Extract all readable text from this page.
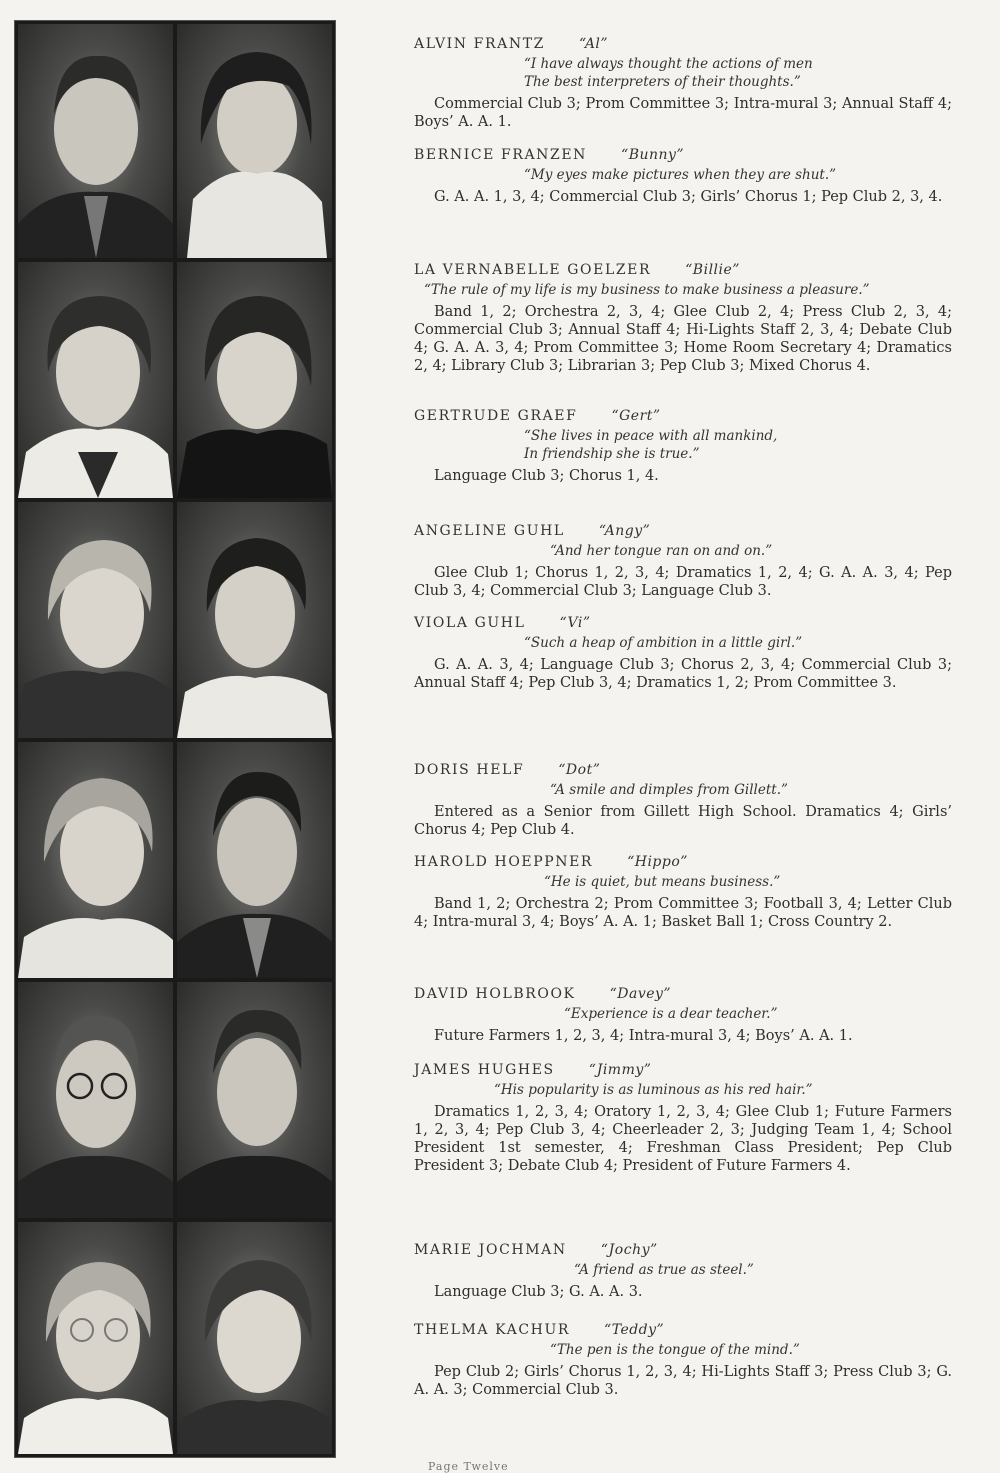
ALVIN FRANTZ “Al”
“I have always thought the actions of men
The best interpreters of their thoughts.”
Commercial Club 3; Prom Committee 3; Intra-mural 3; Annual Staff 4; Boys’ A. A. 1.
BERNICE FRANZEN “Bunny”
“My eyes make pictures when they are shut.”
G. A. A. 1, 3, 4; Commercial Club 3; Girls’ Chorus 1; Pep Club 2, 3, 4.
LA VERNABELLE GOELZER “Billie”
“The rule of my life is my business to make business a pleasure.”
Band 1, 2; Orchestra 2, 3, 4; Glee Club 2, 4; Press Club 2, 3, 4; Commercial Club 3; Annual Staff 4; Hi-Lights Staff 2, 3, 4; Debate Club 4; G. A. A. 3, 4; Prom Committee 3; Home Room Secretary 4; Dramatics 2, 4; Library Club 3; Librarian 3; Pep Club 3; Mixed Chorus 4.
GERTRUDE GRAEF “Gert”
“She lives in peace with all mankind,
In friendship she is true.”
Language Club 3; Chorus 1, 4.
ANGELINE GUHL “Angy”
“And her tongue ran on and on.”
Glee Club 1; Chorus 1, 2, 3, 4; Dramatics 1, 2, 4; G. A. A. 3, 4; Pep Club 3, 4; Commercial Club 3; Language Club 3.
VIOLA GUHL “Vi”
“Such a heap of ambition in a little girl.”
G. A. A. 3, 4; Language Club 3; Chorus 2, 3, 4; Commercial Club 3; Annual Staff 4; Pep Club 3, 4; Dramatics 1, 2; Prom Committee 3.
DORIS HELF “Dot”
“A smile and dimples from Gillett.”
Entered as a Senior from Gillett High School. Dramatics 4; Girls’ Chorus 4; Pep Club 4.
HAROLD HOEPPNER “Hippo”
“He is quiet, but means business.”
Band 1, 2; Orchestra 2; Prom Committee 3; Football 3, 4; Letter Club 4; Intra-mural 3, 4; Boys’ A. A. 1; Basket Ball 1; Cross Country 2.
DAVID HOLBROOK “Davey”
“Experience is a dear teacher.”
Future Farmers 1, 2, 3, 4; Intra-mural 3, 4; Boys’ A. A. 1.
JAMES HUGHES “Jimmy”
“His popularity is as luminous as his red hair.”
Dramatics 1, 2, 3, 4; Oratory 1, 2, 3, 4; Glee Club 1; Future Farmers 1, 2, 3, 4; Pep Club 3, 4; Cheerleader 2, 3; Judging Team 1, 4; School President 1st semester, 4; Freshman Class President; Pep Club President 3; Debate Club 4; President of Future Farmers 4.
MARIE JOCHMAN “Jochy”
“A friend as true as steel.”
Language Club 3; G. A. A. 3.
THELMA KACHUR “Teddy”
“The pen is the tongue of the mind.”
Pep Club 2; Girls’ Chorus 1, 2, 3, 4; Hi-Lights Staff 3; Press Club 3; G. A. A. 3; Commercial Club 3.
Page Twelve
